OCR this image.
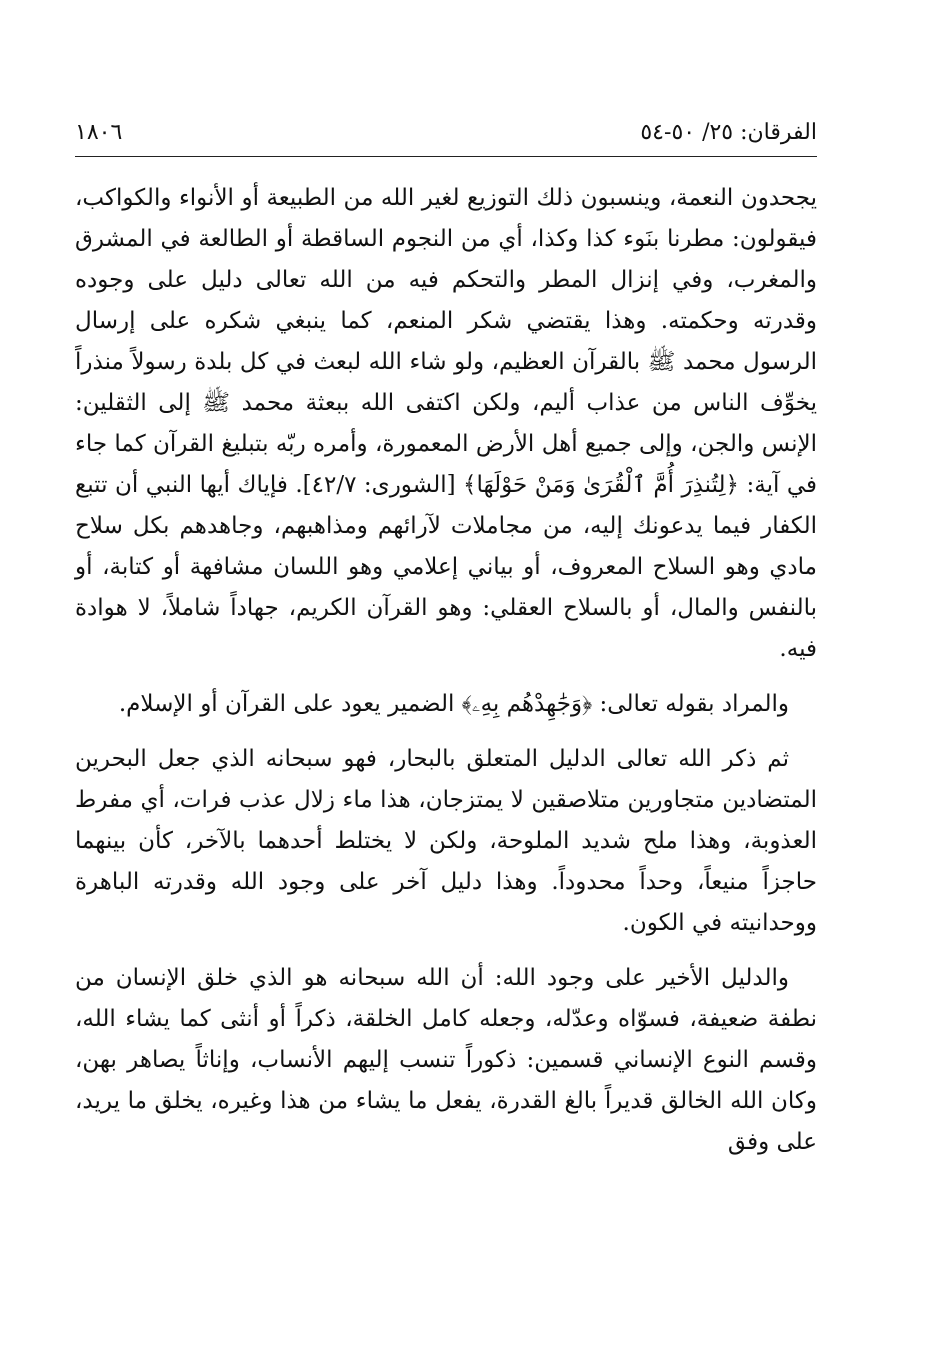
الفرقان: ٢٥/ ٥٠-٥٤
١٨٠٦

يجحدون النعمة، وينسبون ذلك التوزيع لغير الله من الطبيعة أو الأنواء والكواكب، فيقولون: مطرنا بنَوء كذا وكذا، أي من النجوم الساقطة أو الطالعة في المشرق والمغرب، وفي إنزال المطر والتحكم فيه من الله تعالى دليل على وجوده وقدرته وحكمته. وهذا يقتضي شكر المنعم، كما ينبغي شكره على إرسال الرسول محمد ﷺ بالقرآن العظيم، ولو شاء الله لبعث في كل بلدة رسولاً منذراً يخوِّف الناس من عذاب أليم، ولكن اكتفى الله ببعثة محمد ﷺ إلى الثقلين: الإنس والجن، وإلى جميع أهل الأرض المعمورة، وأمره ربّه بتبليغ القرآن كما جاء في آية: ﴿لِتُنذِرَ أُمَّ ٱلْقُرَىٰ وَمَنْ حَوْلَهَا﴾ [الشورى: ٤٢/٧]. فإياك أيها النبي أن تتبع الكفار فيما يدعونك إليه، من مجاملات لآرائهم ومذاهبهم، وجاهدهم بكل سلاح مادي وهو السلاح المعروف، أو بياني إعلامي وهو اللسان مشافهة أو كتابة، أو بالنفس والمال، أو بالسلاح العقلي: وهو القرآن الكريم، جهاداً شاملاً، لا هوادة فيه.

والمراد بقوله تعالى: ﴿وَجَٰهِدْهُم بِهِۦ﴾ الضمير يعود على القرآن أو الإسلام.

ثم ذكر الله تعالى الدليل المتعلق بالبحار، فهو سبحانه الذي جعل البحرين المتضادين متجاورين متلاصقين لا يمتزجان، هذا ماء زلال عذب فرات، أي مفرط العذوبة، وهذا ملح شديد الملوحة، ولكن لا يختلط أحدهما بالآخر، كأن بينهما حاجزاً منيعاً، وحداً محدوداً. وهذا دليل آخر على وجود الله وقدرته الباهرة ووحدانيته في الكون.

والدليل الأخير على وجود الله: أن الله سبحانه هو الذي خلق الإنسان من نطفة ضعيفة، فسوّاه وعدّله، وجعله كامل الخلقة، ذكراً أو أنثى كما يشاء الله، وقسم النوع الإنساني قسمين: ذكوراً تنسب إليهم الأنساب، وإناثاً يصاهر بهن، وكان الله الخالق قديراً بالغ القدرة، يفعل ما يشاء من هذا وغيره، يخلق ما يريد، على وفق
